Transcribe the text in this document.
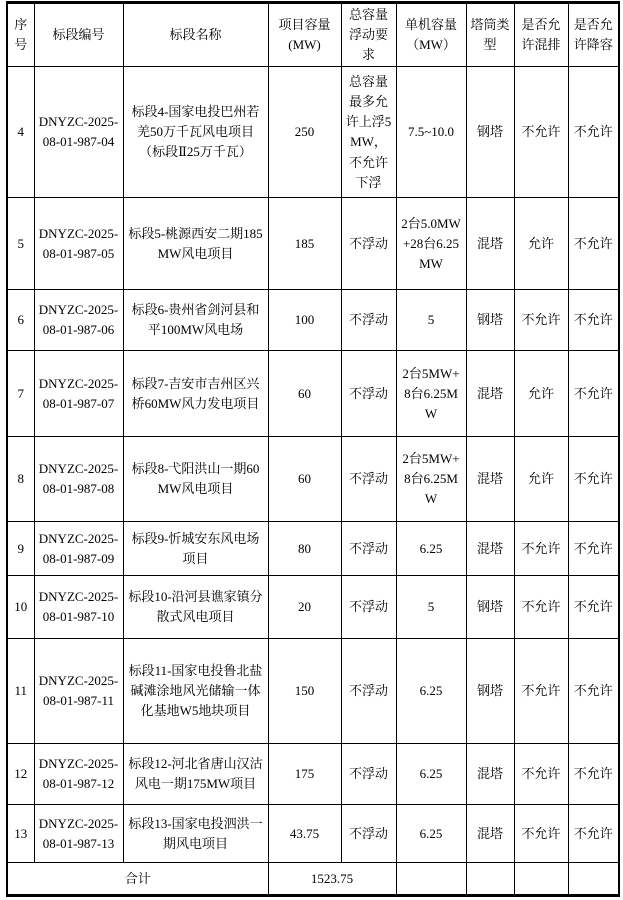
序号	标段编号	标段名称	项目容量(MW)	总容量浮动要求	单机容量（MW）	塔筒类型	是否允许混排	是否允许降容
4	DNYZC-2025-08-01-987-04	标段4-国家电投巴州若羌50万千瓦风电项目（标段Ⅱ25万千瓦）	250	总容量最多允许上浮5MW，不允许下浮	7.5~10.0	钢塔	不允许	不允许
5	DNYZC-2025-08-01-987-05	标段5-桃源西安二期185MW风电项目	185	不浮动	2台5.0MW+28台6.25MW	混塔	允许	不允许
6	DNYZC-2025-08-01-987-06	标段6-贵州省剑河县和平100MW风电场	100	不浮动	5	钢塔	不允许	不允许
7	DNYZC-2025-08-01-987-07	标段7-吉安市吉州区兴桥60MW风力发电项目	60	不浮动	2台5MW+8台6.25MW	混塔	允许	不允许
8	DNYZC-2025-08-01-987-08	标段8-弋阳洪山一期60MW风电项目	60	不浮动	2台5MW+8台6.25MW	混塔	允许	不允许
9	DNYZC-2025-08-01-987-09	标段9-忻城安东风电场项目	80	不浮动	6.25	混塔	不允许	不允许
10	DNYZC-2025-08-01-987-10	标段10-沿河县谯家镇分散式风电项目	20	不浮动	5	钢塔	不允许	不允许
11	DNYZC-2025-08-01-987-11	标段11-国家电投鲁北盐碱滩涂地风光储输一体化基地W5地块项目	150	不浮动	6.25	钢塔	不允许	不允许
12	DNYZC-2025-08-01-987-12	标段12-河北省唐山汉沽风电一期175MW项目	175	不浮动	6.25	混塔	不允许	不允许
13	DNYZC-2025-08-01-987-13	标段13-国家电投泗洪一期风电项目	43.75	不浮动	6.25	混塔	不允许	不允许
合计			1523.75					
